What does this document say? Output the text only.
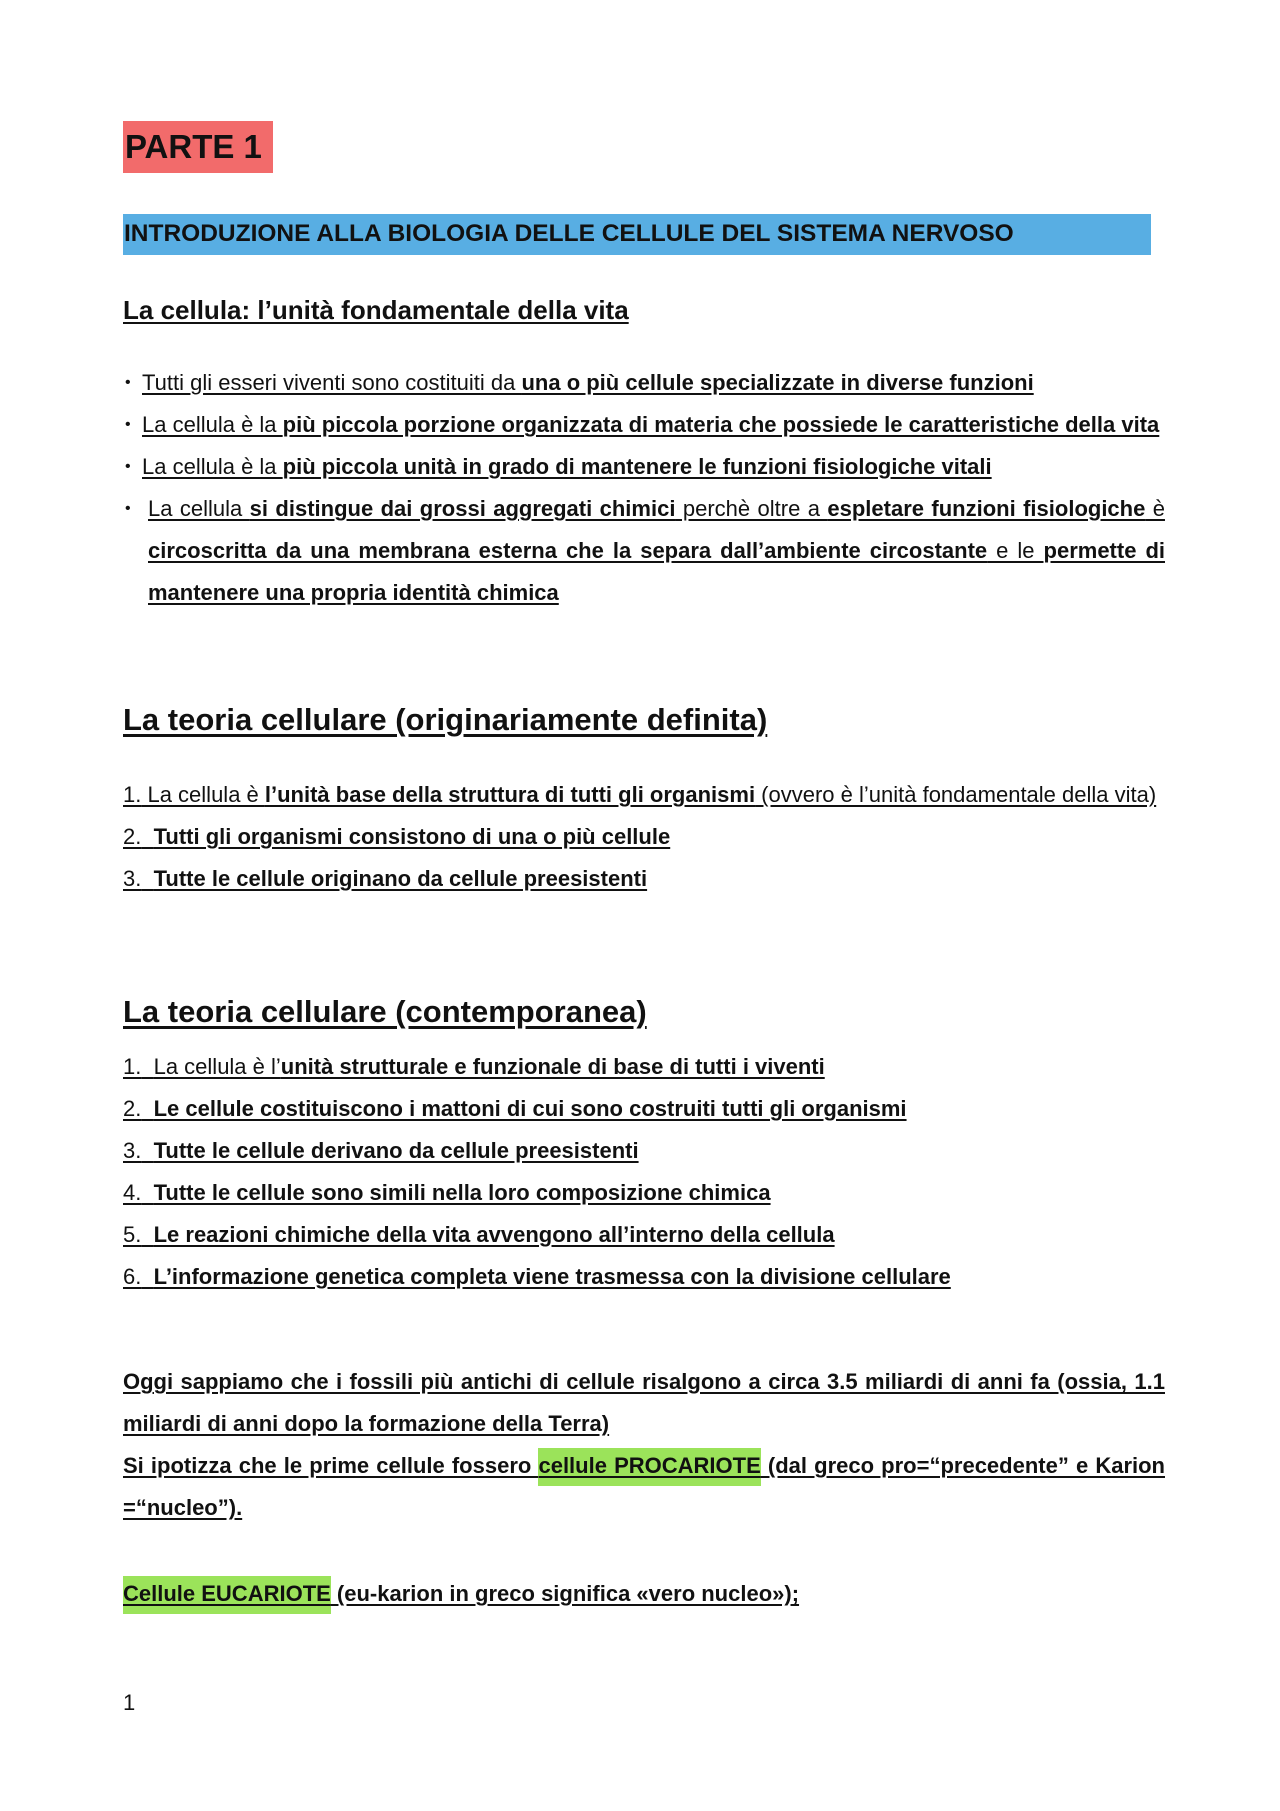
PARTE 1
INTRODUZIONE ALLA BIOLOGIA DELLE CELLULE DEL SISTEMA NERVOSO
La cellula: l’unità fondamentale della vita
• Tutti gli esseri viventi sono costituiti da una o più cellule specializzate in diverse funzioni
• La cellula è la più piccola porzione organizzata di materia che possiede le caratteristiche della vita
• La cellula è la più piccola unità in grado di mantenere le funzioni fisiologiche vitali
• La cellula si distingue dai grossi aggregati chimici perchè oltre a espletare funzioni fisiologiche è circoscritta da una membrana esterna che la separa dall’ambiente circostante e le permette di mantenere una propria identità chimica
La teoria cellulare (originariamente definita)
1. La cellula è l’unità base della struttura di tutti gli organismi (ovvero è l’unità fondamentale della vita)
2. Tutti gli organismi consistono di una o più cellule
3. Tutte le cellule originano da cellule preesistenti
La teoria cellulare (contemporanea)
1. La cellula è l’unità strutturale e funzionale di base di tutti i viventi
2. Le cellule costituiscono i mattoni di cui sono costruiti tutti gli organismi
3. Tutte le cellule derivano da cellule preesistenti
4. Tutte le cellule sono simili nella loro composizione chimica
5. Le reazioni chimiche della vita avvengono all’interno della cellula
6. L’informazione genetica completa viene trasmessa con la divisione cellulare
Oggi sappiamo che i fossili più antichi di cellule risalgono a circa 3.5 miliardi di anni fa (ossia, 1.1 miliardi di anni dopo la formazione della Terra)
Si ipotizza che le prime cellule fossero cellule PROCARIOTE (dal greco pro=“precedente” e Karion =“nucleo”).
Cellule EUCARIOTE (eu-karion in greco significa «vero nucleo»);
1
